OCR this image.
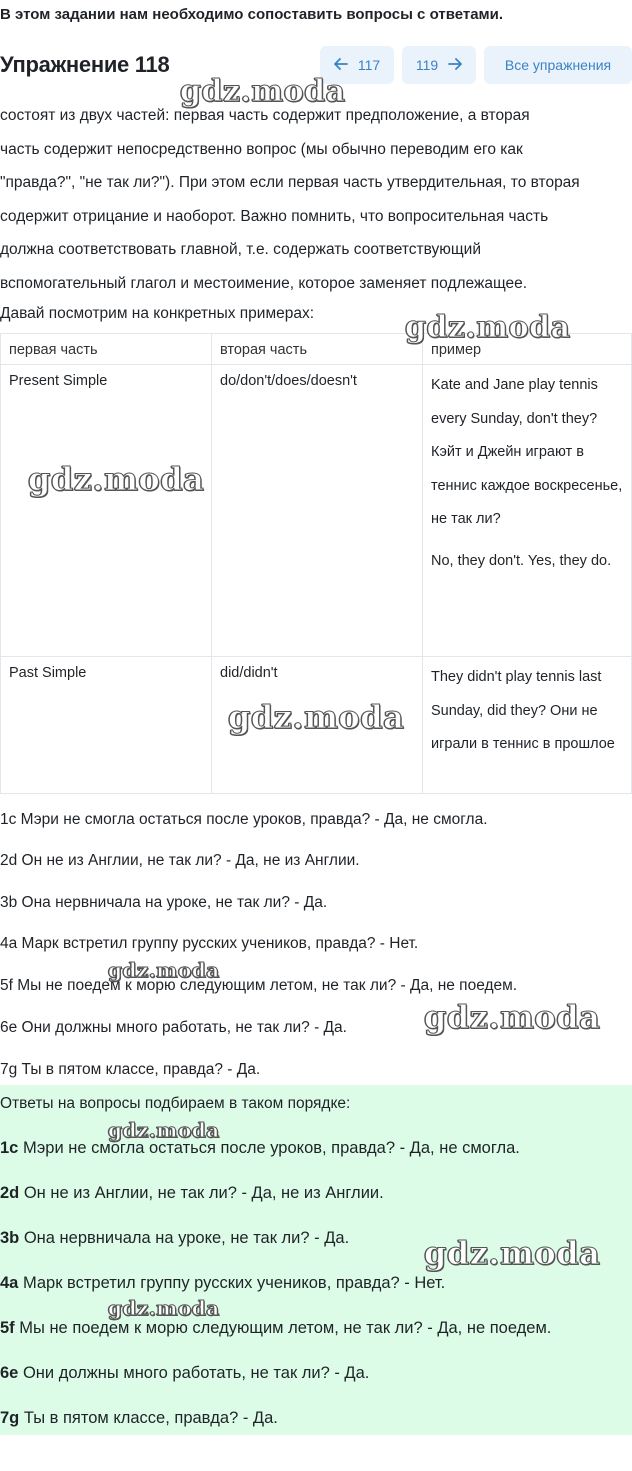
В этом задании нам необходимо сопоставить вопросы с ответами.
Упражнение 118	117	119	Все упражнения
состоят из двух частей: первая часть содержит предположение, а вторая
часть содержит непосредственно вопрос (мы обычно переводим его как
"правда?", "не так ли?"). При этом если первая часть утвердительная, то вторая
содержит отрицание и наоборот. Важно помнить, что вопросительная часть
должна соответствовать главной, т.е. содержать соответствующий
вспомогательный глагол и местоимение, которое заменяет подлежащее.
Давай посмотрим на конкретных примерах:
первая часть	вторая часть	пример
Present Simple	do/don't/does/doesn't	Kate and Jane play tennis every Sunday, don't they? Кэйт и Джейн играют в теннис каждое воскресенье, не так ли?

No, they don't. Yes, they do.

Past Simple	did/didn't	They didn't play tennis last Sunday, did they? Они не играли в теннис в прошлое

1c Мэри не смогла остаться после уроков, правда? - Да, не смогла.
2d Он не из Англии, не так ли? - Да, не из Англии.
3b Она нервничала на уроке, не так ли? - Да.
4a Марк встретил группу русских учеников, правда? - Нет.
5f Мы не поедем к морю следующим летом, не так ли? - Да, не поедем.
6e Они должны много работать, не так ли? - Да.
7g Ты в пятом классе, правда? - Да.
Ответы на вопросы подбираем в таком порядке:
1c Мэри не смогла остаться после уроков, правда? - Да, не смогла.
2d Он не из Англии, не так ли? - Да, не из Англии.
3b Она нервничала на уроке, не так ли? - Да.
4a Марк встретил группу русских учеников, правда? - Нет.
5f Мы не поедем к морю следующим летом, не так ли? - Да, не поедем.
6e Они должны много работать, не так ли? - Да.
7g Ты в пятом классе, правда? - Да.
gdz.moda
gdz.moda
gdz.moda
gdz.moda
gdz.moda
gdz.moda
gdz.moda
gdz.moda
gdz.moda
